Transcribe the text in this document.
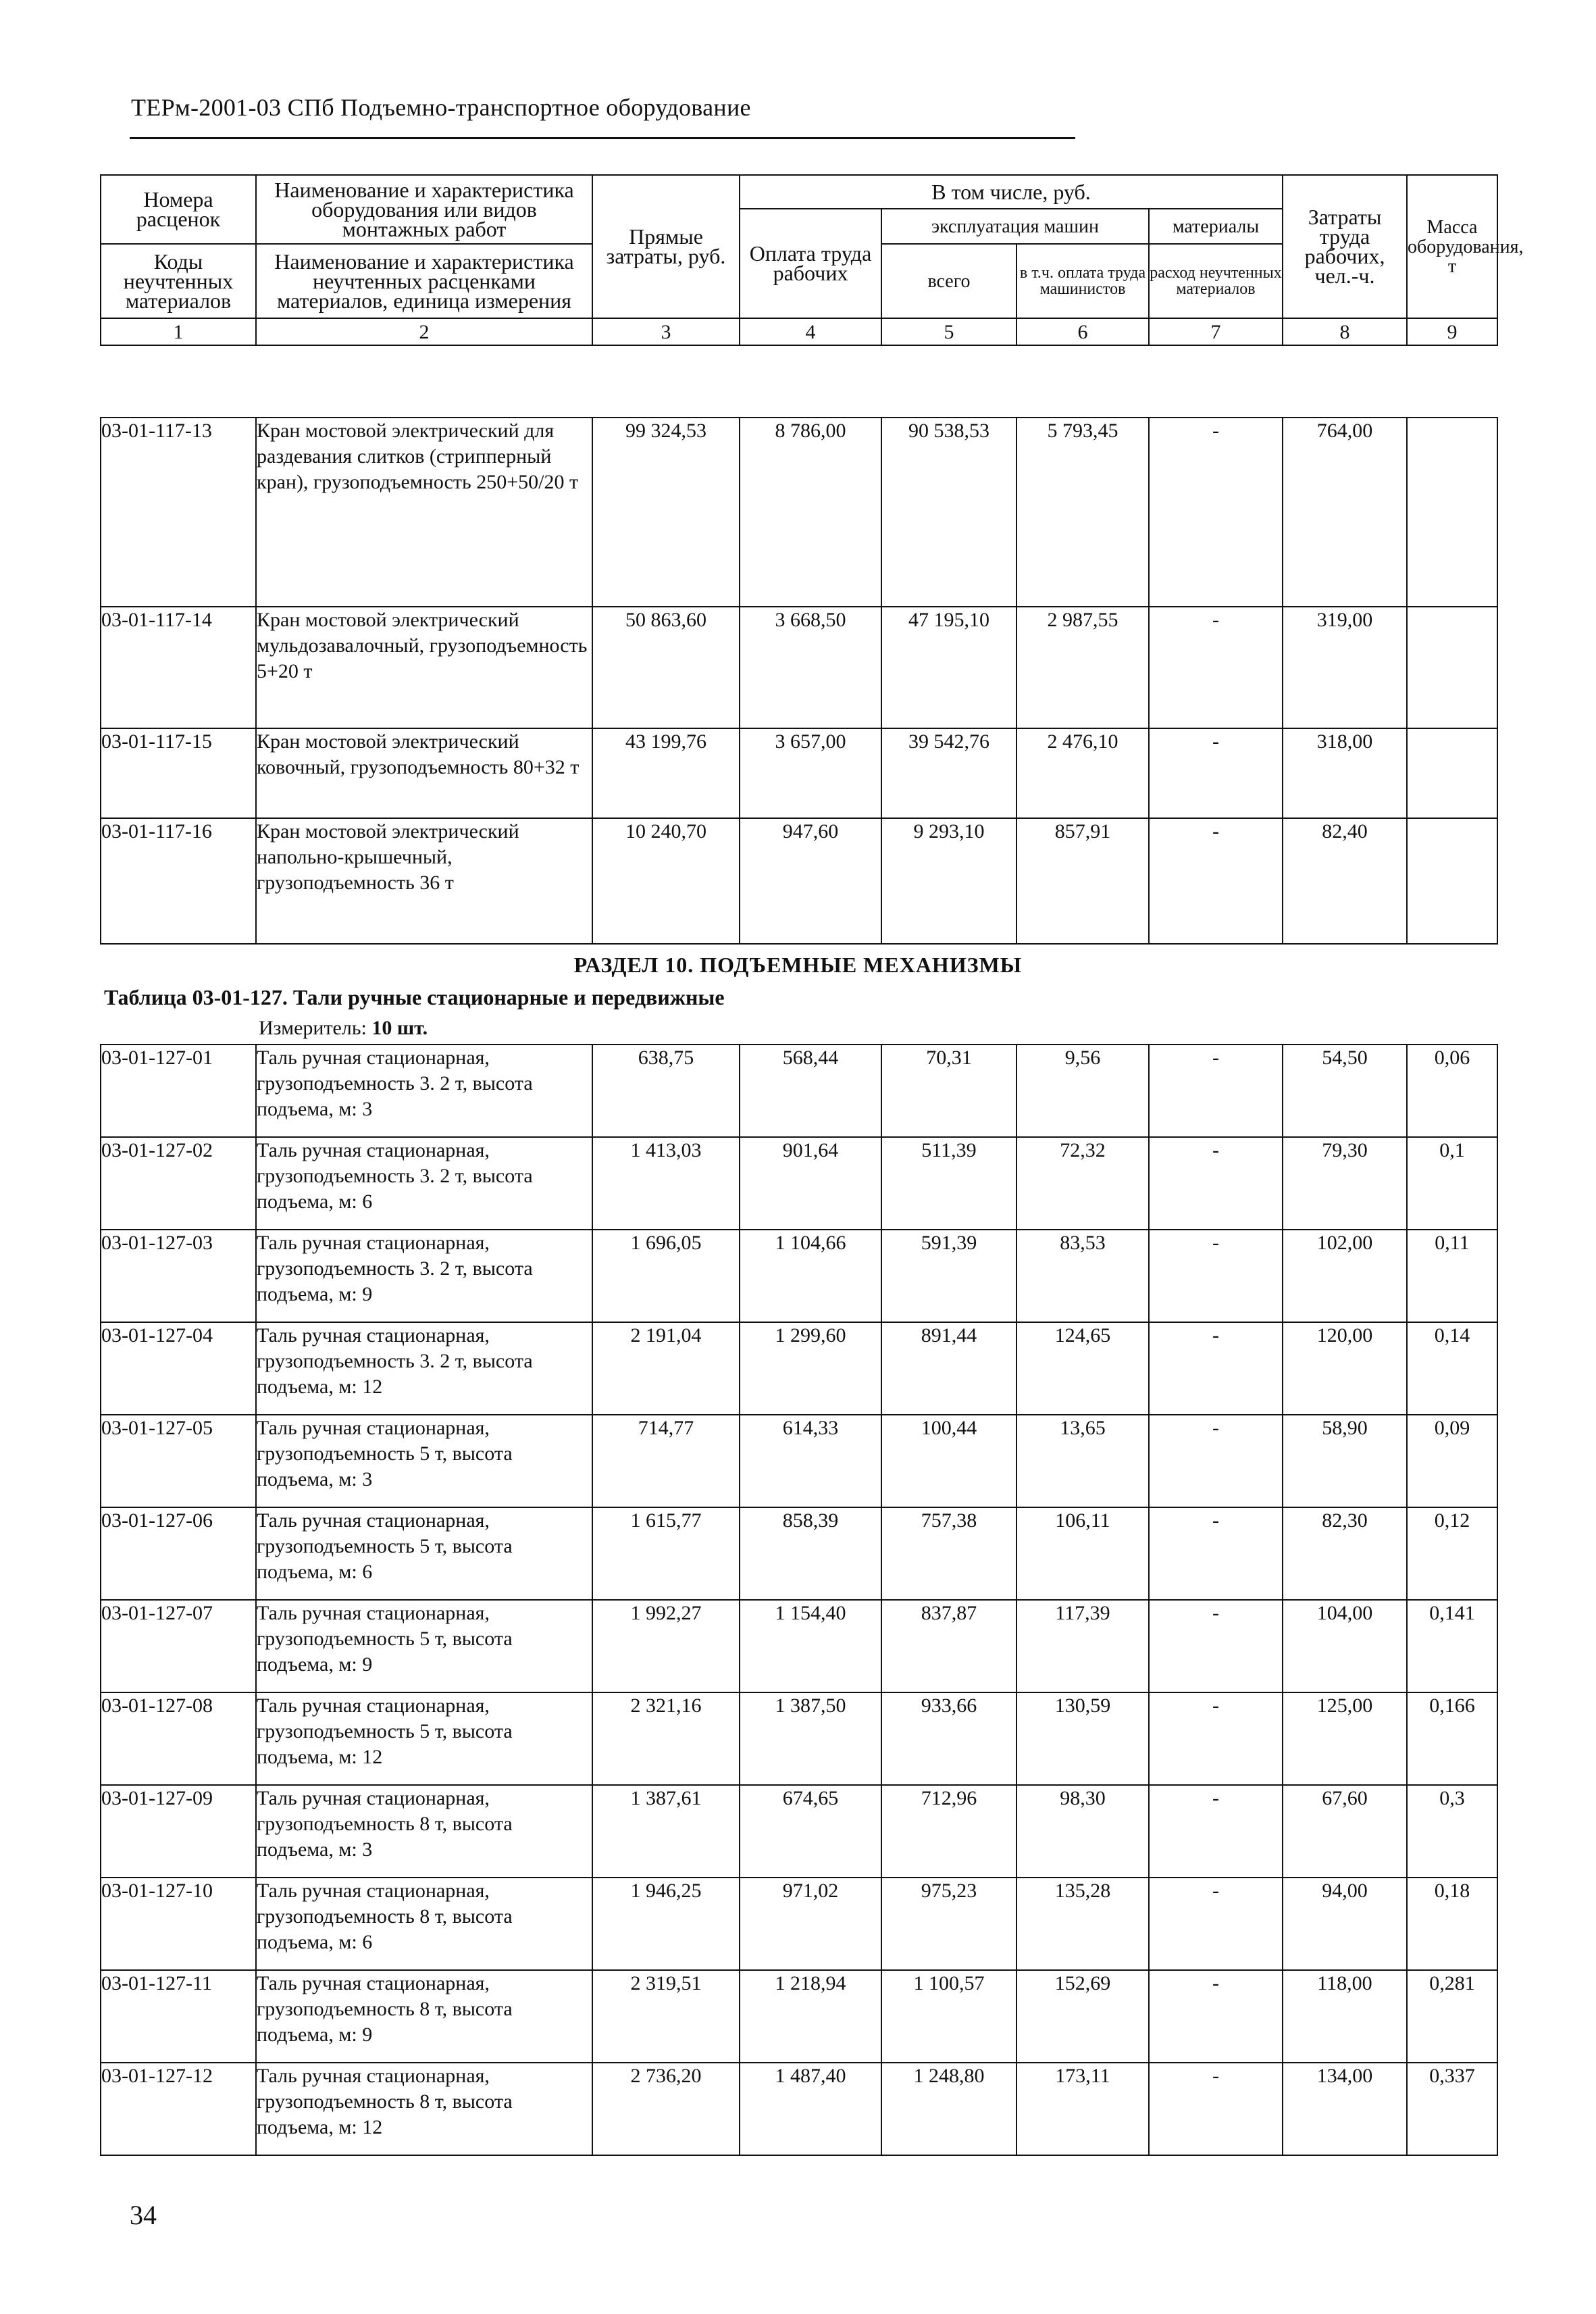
ТЕРм-2001-03 СПб Подъемно-транспортное оборудование
Номера расценок	Наименование и характеристика оборудования или видов монтажных работ	Прямые затраты, руб.	В том числе, руб.				Затраты труда рабочих, чел.-ч.	Масса оборудования, т
			Оплата труда рабочих	эксплуатация машин		материалы		
Коды неучтенных материалов	Наименование и характеристика неучтенных расценками материалов, единица измерения			всего	в т.ч. оплата труда машинистов	расход неучтенных материалов		

1	2	3	4	5	6	7	8	9
03-01-117-13	Кран мостовой электрический для раздевания слитков (стрипперный кран), грузоподъемность 250+50/20 т	99 324,53	8 786,00	90 538,53	5 793,45	-	764,00	
03-01-117-14	Кран мостовой электрический мульдозавалочный, грузоподъемность 5+20 т	50 863,60	3 668,50	47 195,10	2 987,55	-	319,00	
03-01-117-15	Кран мостовой электрический ковочный, грузоподъемность 80+32 т	43 199,76	3 657,00	39 542,76	2 476,10	-	318,00	
03-01-117-16	Кран мостовой электрический напольно-крышечный, грузоподъемность 36 т	10 240,70	947,60	9 293,10	857,91	-	82,40	
РАЗДЕЛ 10. ПОДЪЕМНЫЕ МЕХАНИЗМЫ
Таблица 03-01-127. Тали ручные стационарные и передвижные
Измеритель: 10 шт.
03-01-127-01	Таль ручная стационарная, грузоподъемность 3. 2 т, высота подъема, м: 3	638,75	568,44	70,31	9,56	-	54,50	0,06
03-01-127-02	Таль ручная стационарная, грузоподъемность 3. 2 т, высота подъема, м: 6	1 413,03	901,64	511,39	72,32	-	79,30	0,1
03-01-127-03	Таль ручная стационарная, грузоподъемность 3. 2 т, высота подъема, м: 9	1 696,05	1 104,66	591,39	83,53	-	102,00	0,11
03-01-127-04	Таль ручная стационарная, грузоподъемность 3. 2 т, высота подъема, м: 12	2 191,04	1 299,60	891,44	124,65	-	120,00	0,14
03-01-127-05	Таль ручная стационарная, грузоподъемность 5 т, высота подъема, м: 3	714,77	614,33	100,44	13,65	-	58,90	0,09
03-01-127-06	Таль ручная стационарная, грузоподъемность 5 т, высота подъема, м: 6	1 615,77	858,39	757,38	106,11	-	82,30	0,12
03-01-127-07	Таль ручная стационарная, грузоподъемность 5 т, высота подъема, м: 9	1 992,27	1 154,40	837,87	117,39	-	104,00	0,141
03-01-127-08	Таль ручная стационарная, грузоподъемность 5 т, высота подъема, м: 12	2 321,16	1 387,50	933,66	130,59	-	125,00	0,166
03-01-127-09	Таль ручная стационарная, грузоподъемность 8 т, высота подъема, м: 3	1 387,61	674,65	712,96	98,30	-	67,60	0,3
03-01-127-10	Таль ручная стационарная, грузоподъемность 8 т, высота подъема, м: 6	1 946,25	971,02	975,23	135,28	-	94,00	0,18
03-01-127-11	Таль ручная стационарная, грузоподъемность 8 т, высота подъема, м: 9	2 319,51	1 218,94	1 100,57	152,69	-	118,00	0,281
03-01-127-12	Таль ручная стационарная, грузоподъемность 8 т, высота подъема, м: 12	2 736,20	1 487,40	1 248,80	173,11	-	134,00	0,337
34
